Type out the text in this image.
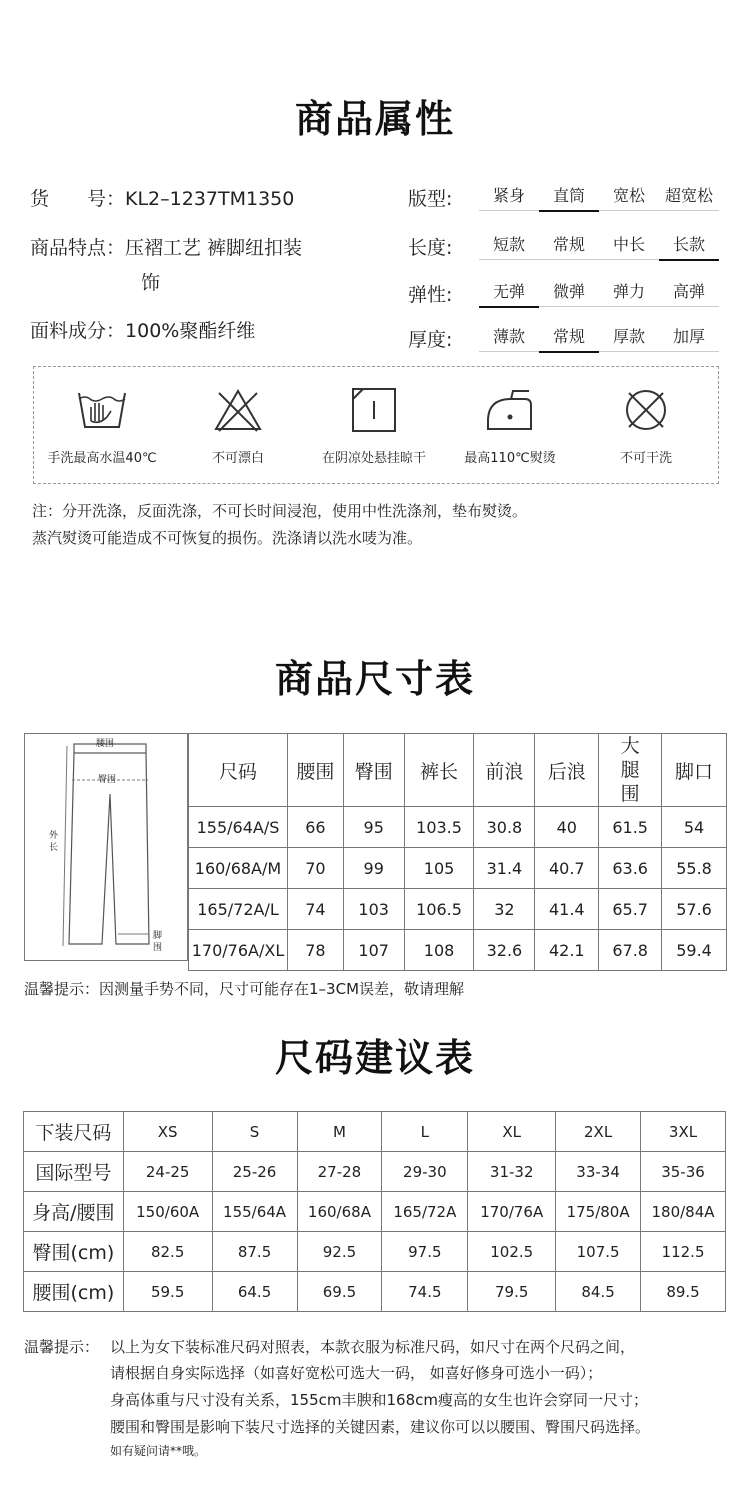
商品属性
货　　号：KL2–1237TM1350
商品特点：压褶工艺 裤脚纽扣装
饰
面料成分：100%聚酯纤维
版型:	紧身	直筒	宽松	超宽松
长度:	短款	常规	中长	长款
弹性:	无弹	微弹	弹力	高弹
厚度:	薄款	常规	厚款	加厚
手洗最高水温40℃	不可漂白	在阴凉处悬挂晾干	最高110℃熨烫	不可干洗
注：分开洗涤，反面洗涤，不可长时间浸泡，使用中性洗涤剂，垫布熨烫。
蒸汽熨烫可能造成不可恢复的损伤。洗涤请以洗水唛为准。
商品尺寸表
腰围
臀围
外长
脚围
尺码	腰围	臀围	裤长	前浪	后浪	大腿围	脚口
155/64A/S	66	95	103.5	30.8	40	61.5	54
160/68A/M	70	99	105	31.4	40.7	63.6	55.8
165/72A/L	74	103	106.5	32	41.4	65.7	57.6
170/76A/XL	78	107	108	32.6	42.1	67.8	59.4
温馨提示：因测量手势不同，尺寸可能存在1–3CM误差，敬请理解
尺码建议表
下装尺码	XS	S	M	L	XL	2XL	3XL
国际型号	24-25	25-26	27-28	29-30	31-32	33-34	35-36
身高/腰围	150/60A	155/64A	160/68A	165/72A	170/76A	175/80A	180/84A
臀围(cm)	82.5	87.5	92.5	97.5	102.5	107.5	112.5
腰围(cm)	59.5	64.5	69.5	74.5	79.5	84.5	89.5
温馨提示： 以上为女下装标准尺码对照表，本款衣服为标准尺码，如尺寸在两个尺码之间，
请根据自身实际选择（如喜好宽松可选大一码， 如喜好修身可选小一码）；
身高体重与尺寸没有关系，155cm丰腴和168cm瘦高的女生也许会穿同一尺寸；
腰围和臀围是影响下装尺寸选择的关键因素，建议你可以以腰围、臀围尺码选择。
如有疑问请**哦。
